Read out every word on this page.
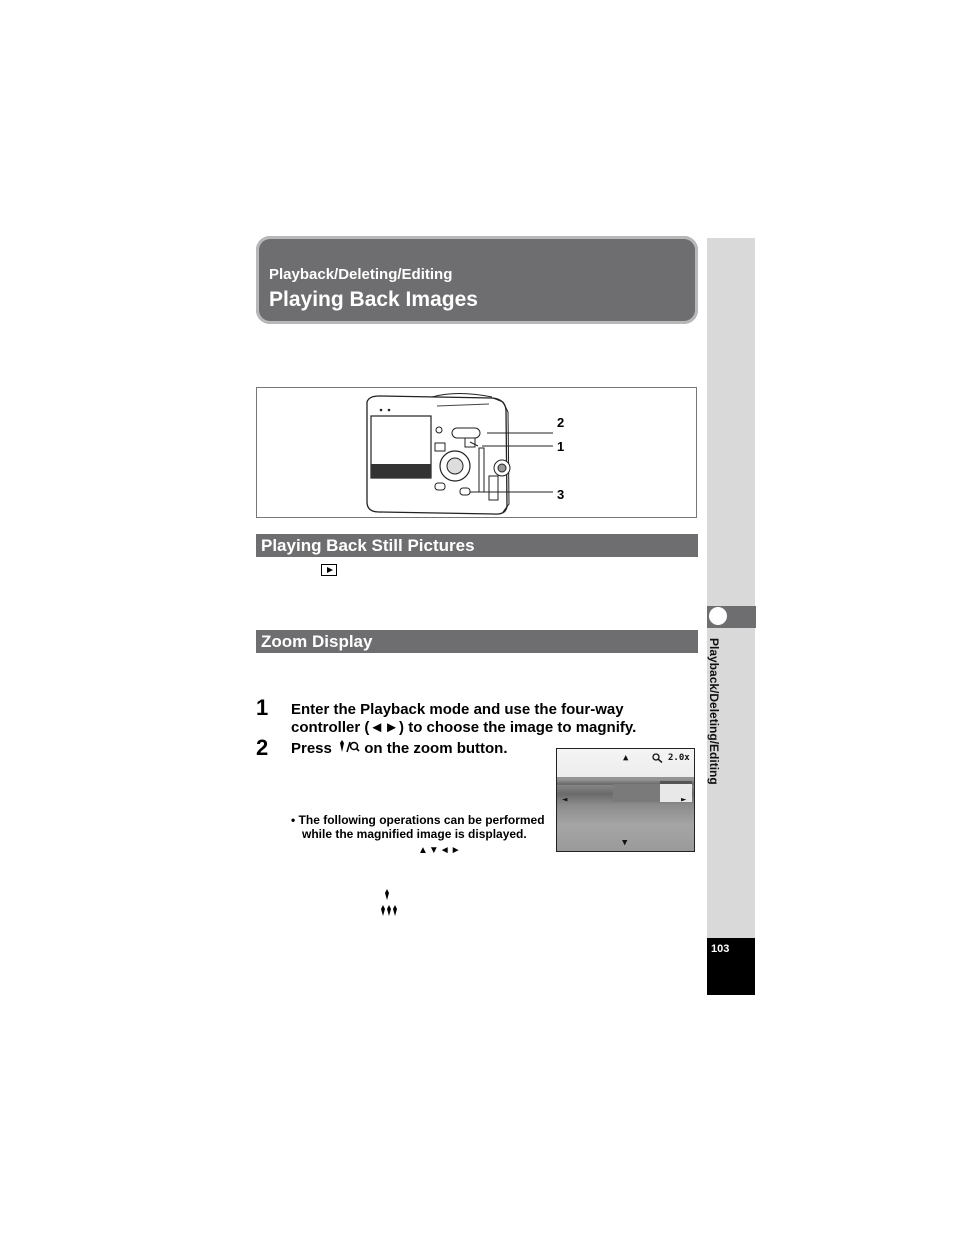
Playback/Deleting/Editing
Playing Back Images
Playback/Deleting/Editing
103
2
1
3
Playing Back Still Pictures
Zoom Display
1 Enter the Playback mode and use the four-way
controller (◄►) to choose the image to magnify.
2 Press  on the zoom button.
• The following operations can be performed
while the magnified image is displayed.
▲▼◄►
▲	2.0x
◄	►
▼
